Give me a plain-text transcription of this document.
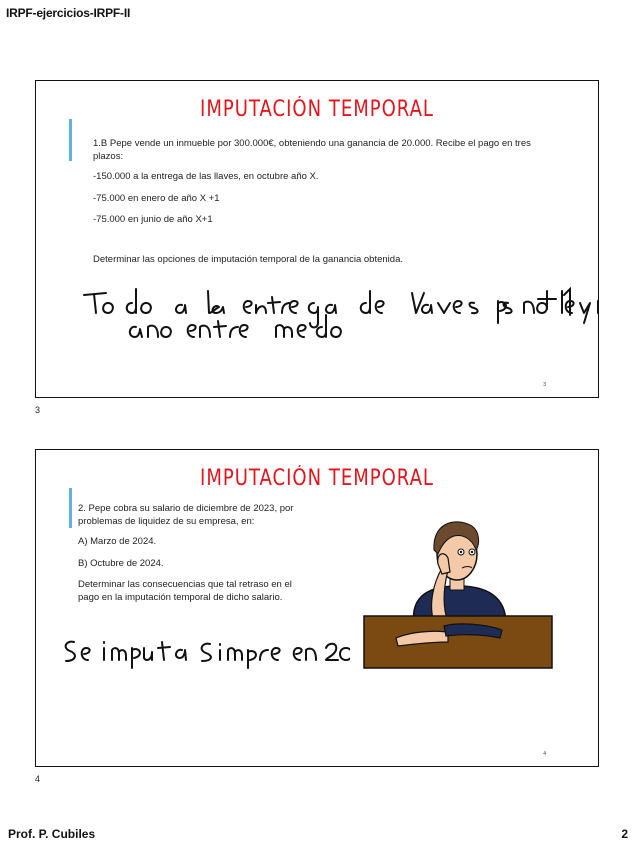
IRPF-ejercicios-IRPF-II
IMPUTACIÓN TEMPORAL

1.B Pepe vende un inmueble por 300.000€, obteniendo una ganancia de 20.000. Recibe el pago en tres plazos:

-150.000 a la entrega de las llaves, en octubre año X.

-75.000 en enero de año X +1

-75.000 en junio de año X+1

Determinar las opciones de imputación temporal de la ganancia obtenida.

3
3
IMPUTACIÓN TEMPORAL

2. Pepe cobra su salario de diciembre de 2023, por problemas de liquidez de su empresa, en:

A) Marzo de 2024.

B) Octubre de 2024.

Determinar las consecuencias que tal retraso en el pago en la imputación temporal de dicho salario.

4
4
Prof. P. Cubiles	2
